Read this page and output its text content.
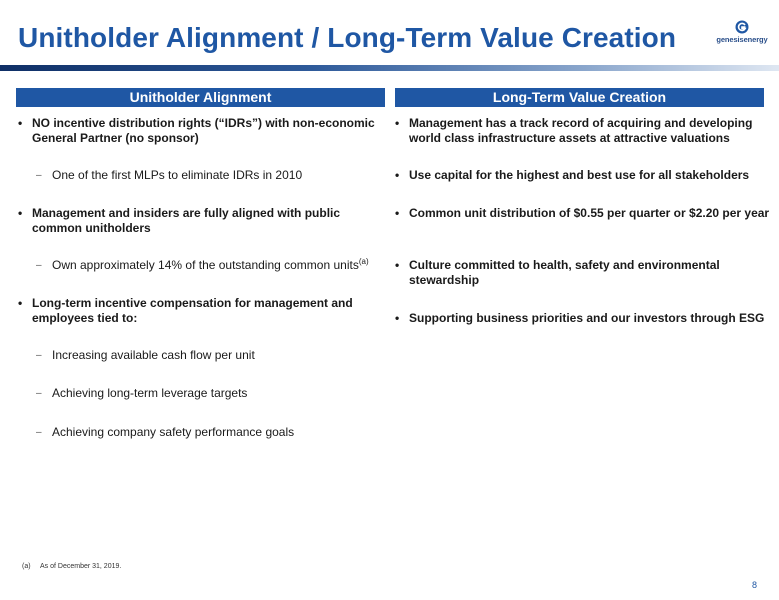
Unitholder Alignment / Long-Term Value Creation	genesisenergy
Unitholder Alignment	Long-Term Value Creation
• NO incentive distribution rights (“IDRs”) with non-economic General Partner (no sponsor)
– One of the first MLPs to eliminate IDRs in 2010
• Management and insiders are fully aligned with public common unitholders
– Own approximately 14% of the outstanding common units$^{(a)}$
• Long-term incentive compensation for management and employees tied to:
– Increasing available cash flow per unit
– Achieving long-term leverage targets
– Achieving company safety performance goals
• Management has a track record of acquiring and developing world class infrastructure assets at attractive valuations
• Use capital for the highest and best use for all stakeholders
• Common unit distribution of $0.55 per quarter or $2.20 per year
• Culture committed to health, safety and environmental stewardship
• Supporting business priorities and our investors through ESG
(a) As of December 31, 2019.
8
